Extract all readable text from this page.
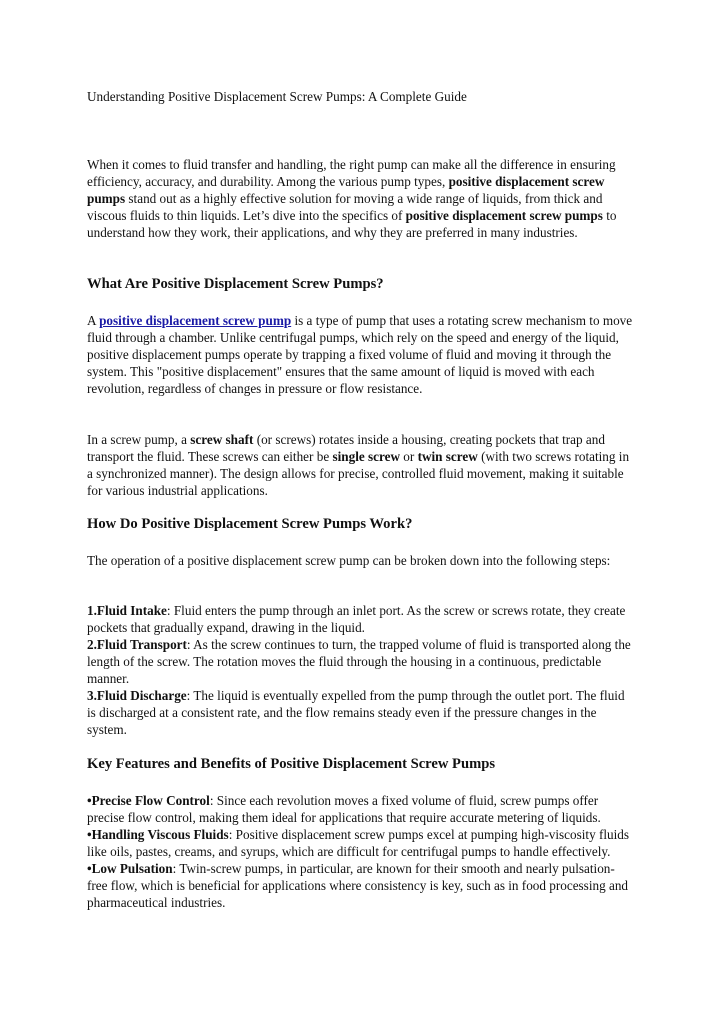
Understanding Positive Displacement Screw Pumps: A Complete Guide

When it comes to fluid transfer and handling, the right pump can make all the difference in ensuring efficiency, accuracy, and durability. Among the various pump types, positive displacement screw pumps stand out as a highly effective solution for moving a wide range of liquids, from thick and viscous fluids to thin liquids. Let’s dive into the specifics of positive displacement screw pumps to understand how they work, their applications, and why they are preferred in many industries.

What Are Positive Displacement Screw Pumps?

A positive displacement screw pump is a type of pump that uses a rotating screw mechanism to move fluid through a chamber. Unlike centrifugal pumps, which rely on the speed and energy of the liquid, positive displacement pumps operate by trapping a fixed volume of fluid and moving it through the system. This "positive displacement" ensures that the same amount of liquid is moved with each revolution, regardless of changes in pressure or flow resistance.

In a screw pump, a screw shaft (or screws) rotates inside a housing, creating pockets that trap and transport the fluid. These screws can either be single screw or twin screw (with two screws rotating in a synchronized manner). The design allows for precise, controlled fluid movement, making it suitable for various industrial applications.

How Do Positive Displacement Screw Pumps Work?

The operation of a positive displacement screw pump can be broken down into the following steps:

1.Fluid Intake: Fluid enters the pump through an inlet port. As the screw or screws rotate, they create pockets that gradually expand, drawing in the liquid.
2.Fluid Transport: As the screw continues to turn, the trapped volume of fluid is transported along the length of the screw. The rotation moves the fluid through the housing in a continuous, predictable manner.
3.Fluid Discharge: The liquid is eventually expelled from the pump through the outlet port. The fluid is discharged at a consistent rate, and the flow remains steady even if the pressure changes in the system.
Key Features and Benefits of Positive Displacement Screw Pumps
•Precise Flow Control: Since each revolution moves a fixed volume of fluid, screw pumps offer precise flow control, making them ideal for applications that require accurate metering of liquids.
•Handling Viscous Fluids: Positive displacement screw pumps excel at pumping high-viscosity fluids like oils, pastes, creams, and syrups, which are difficult for centrifugal pumps to handle effectively.
•Low Pulsation: Twin-screw pumps, in particular, are known for their smooth and nearly pulsation-free flow, which is beneficial for applications where consistency is key, such as in food processing and pharmaceutical industries.
